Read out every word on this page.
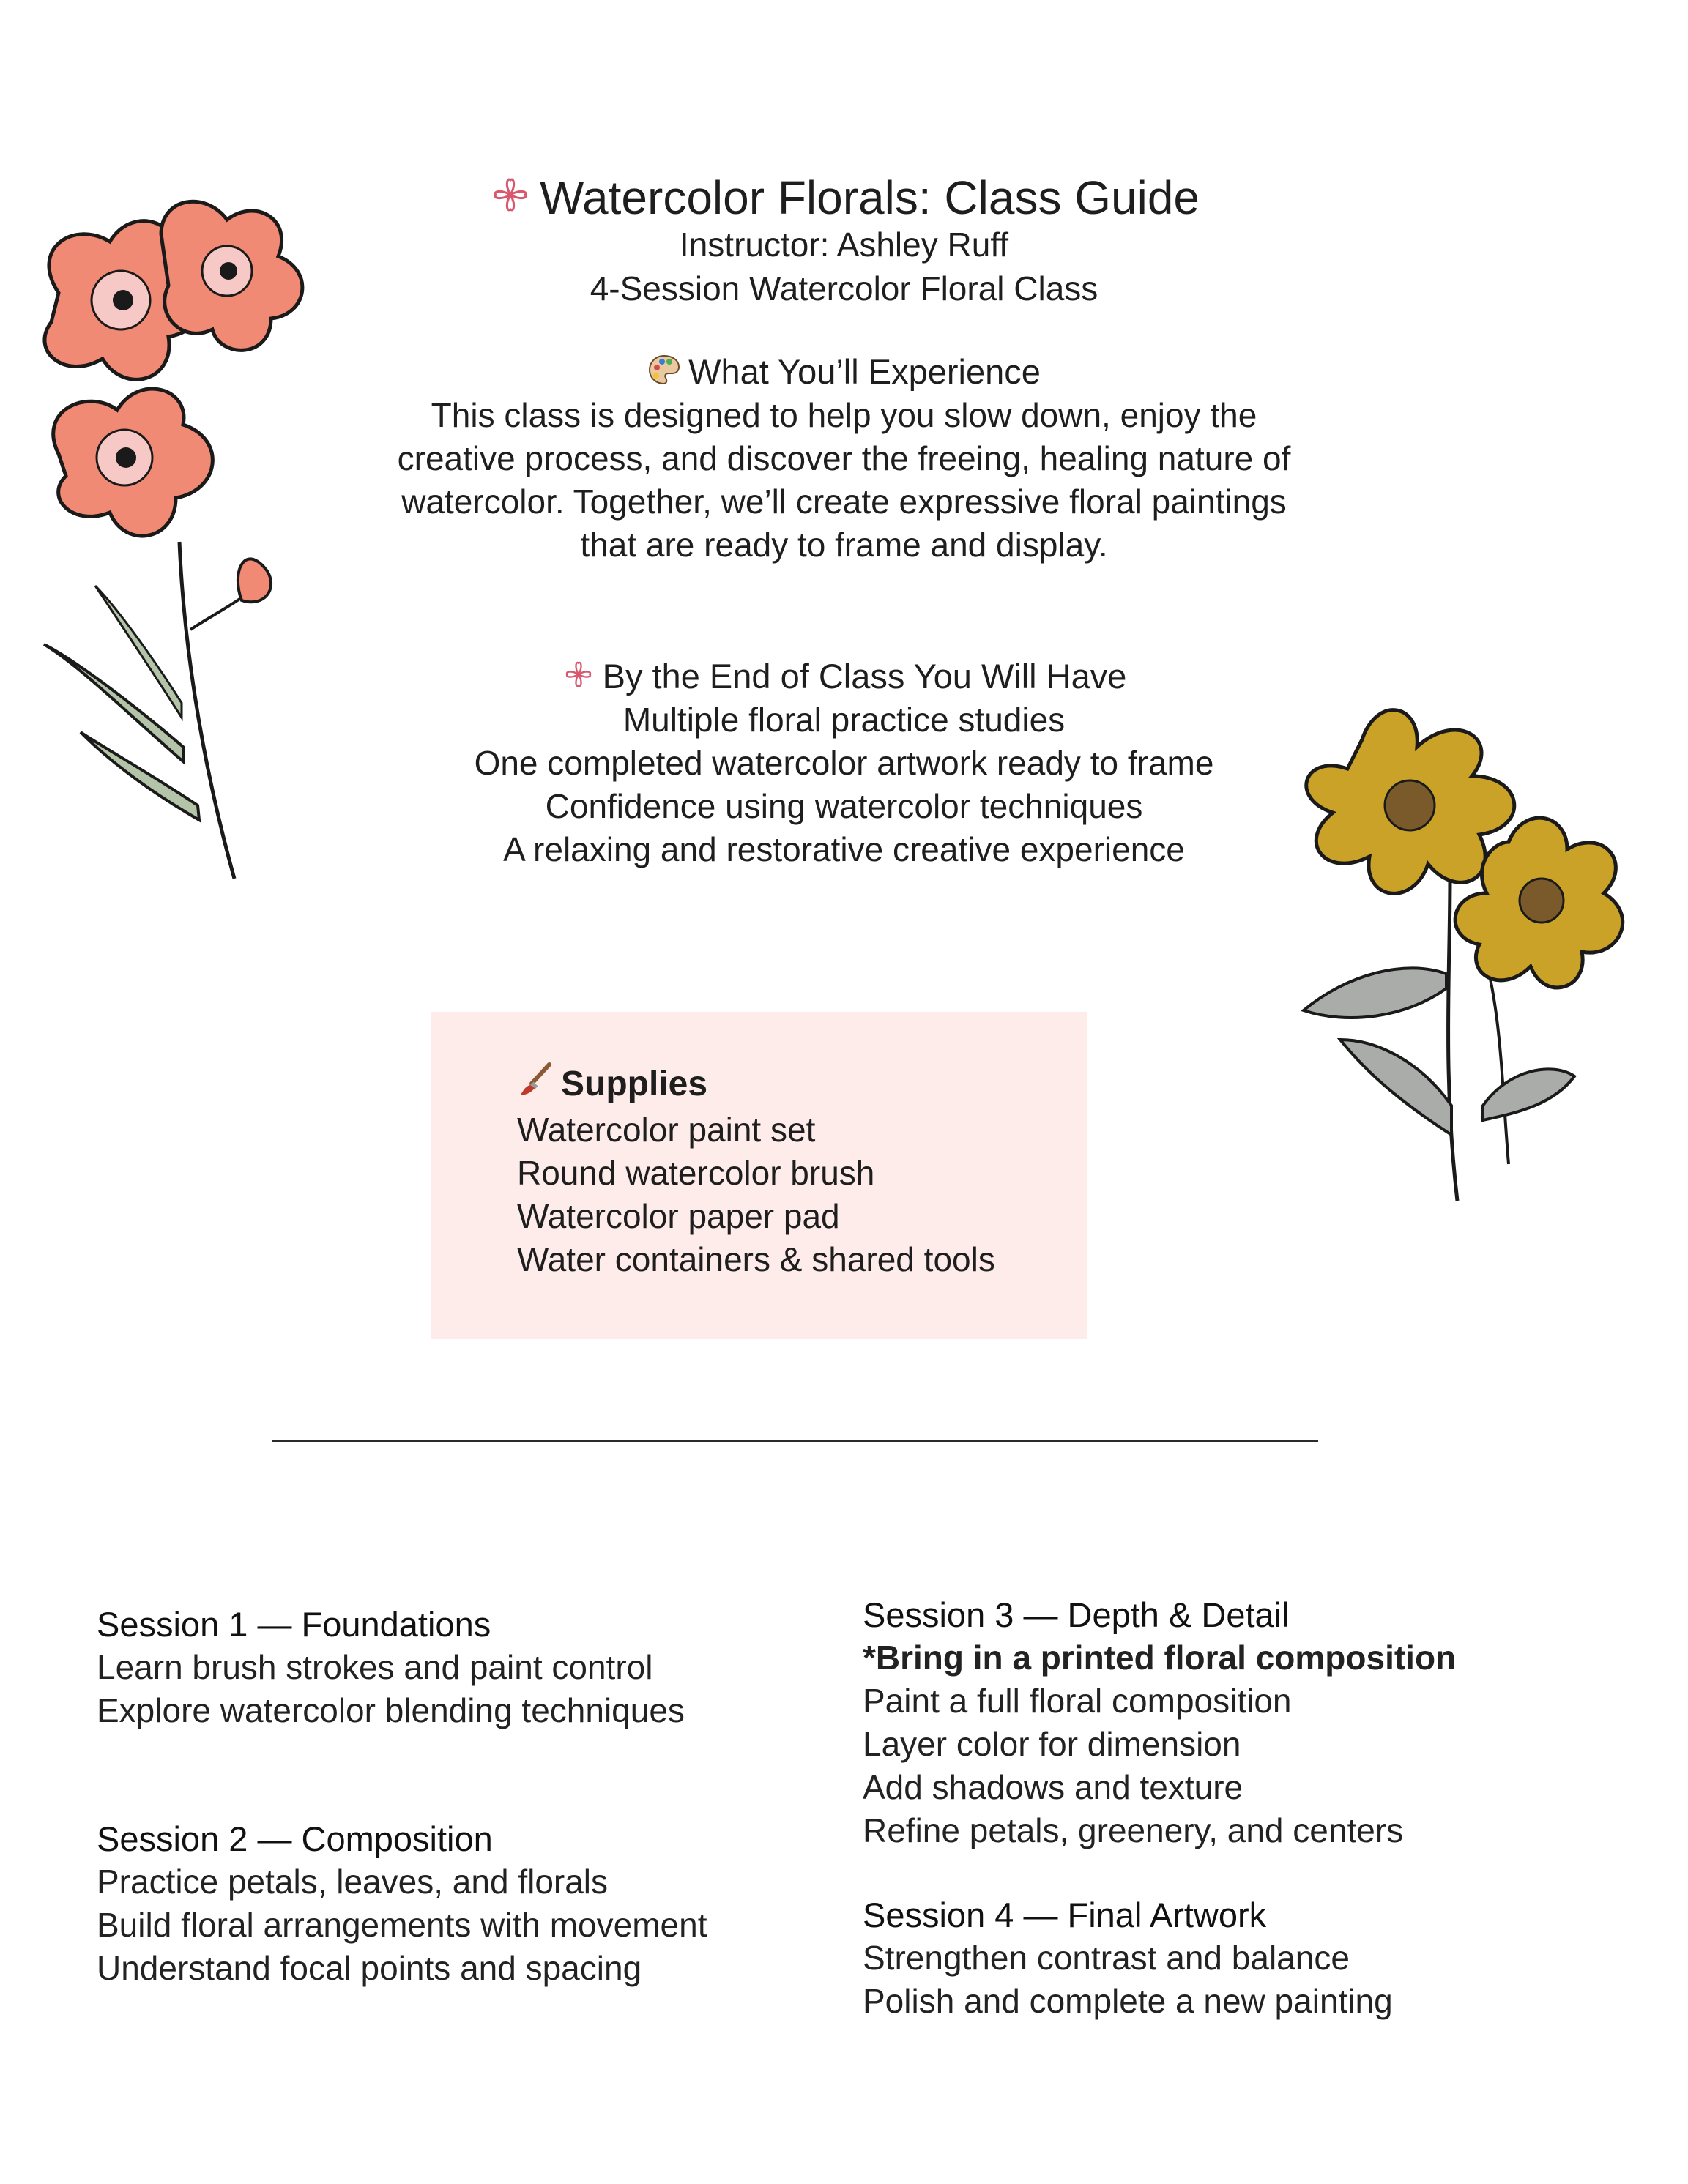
Watercolor Florals: Class Guide
Instructor: Ashley Ruff
4-Session Watercolor Floral Class
What You’ll Experience

This class is designed to help you slow down, enjoy the

creative process, and discover the freeing, healing nature of

watercolor. Together, we’ll create expressive floral paintings

that are ready to frame and display.

By the End of Class You Will Have
Multiple floral practice studies
One completed watercolor artwork ready to frame
Confidence using watercolor techniques
A relaxing and restorative creative experience
Supplies
Watercolor paint set
Round watercolor brush
Watercolor paper pad
Water containers & shared tools
Session 1 — Foundations
Learn brush strokes and paint control
Explore watercolor blending techniques
Session 2 — Composition
Practice petals, leaves, and florals
Build floral arrangements with movement
Understand focal points and spacing
Session 3 — Depth & Detail
*Bring in a printed floral composition
Paint a full floral composition
Layer color for dimension
Add shadows and texture
Refine petals, greenery, and centers
Session 4 — Final Artwork
Strengthen contrast and balance
Polish and complete a new painting
